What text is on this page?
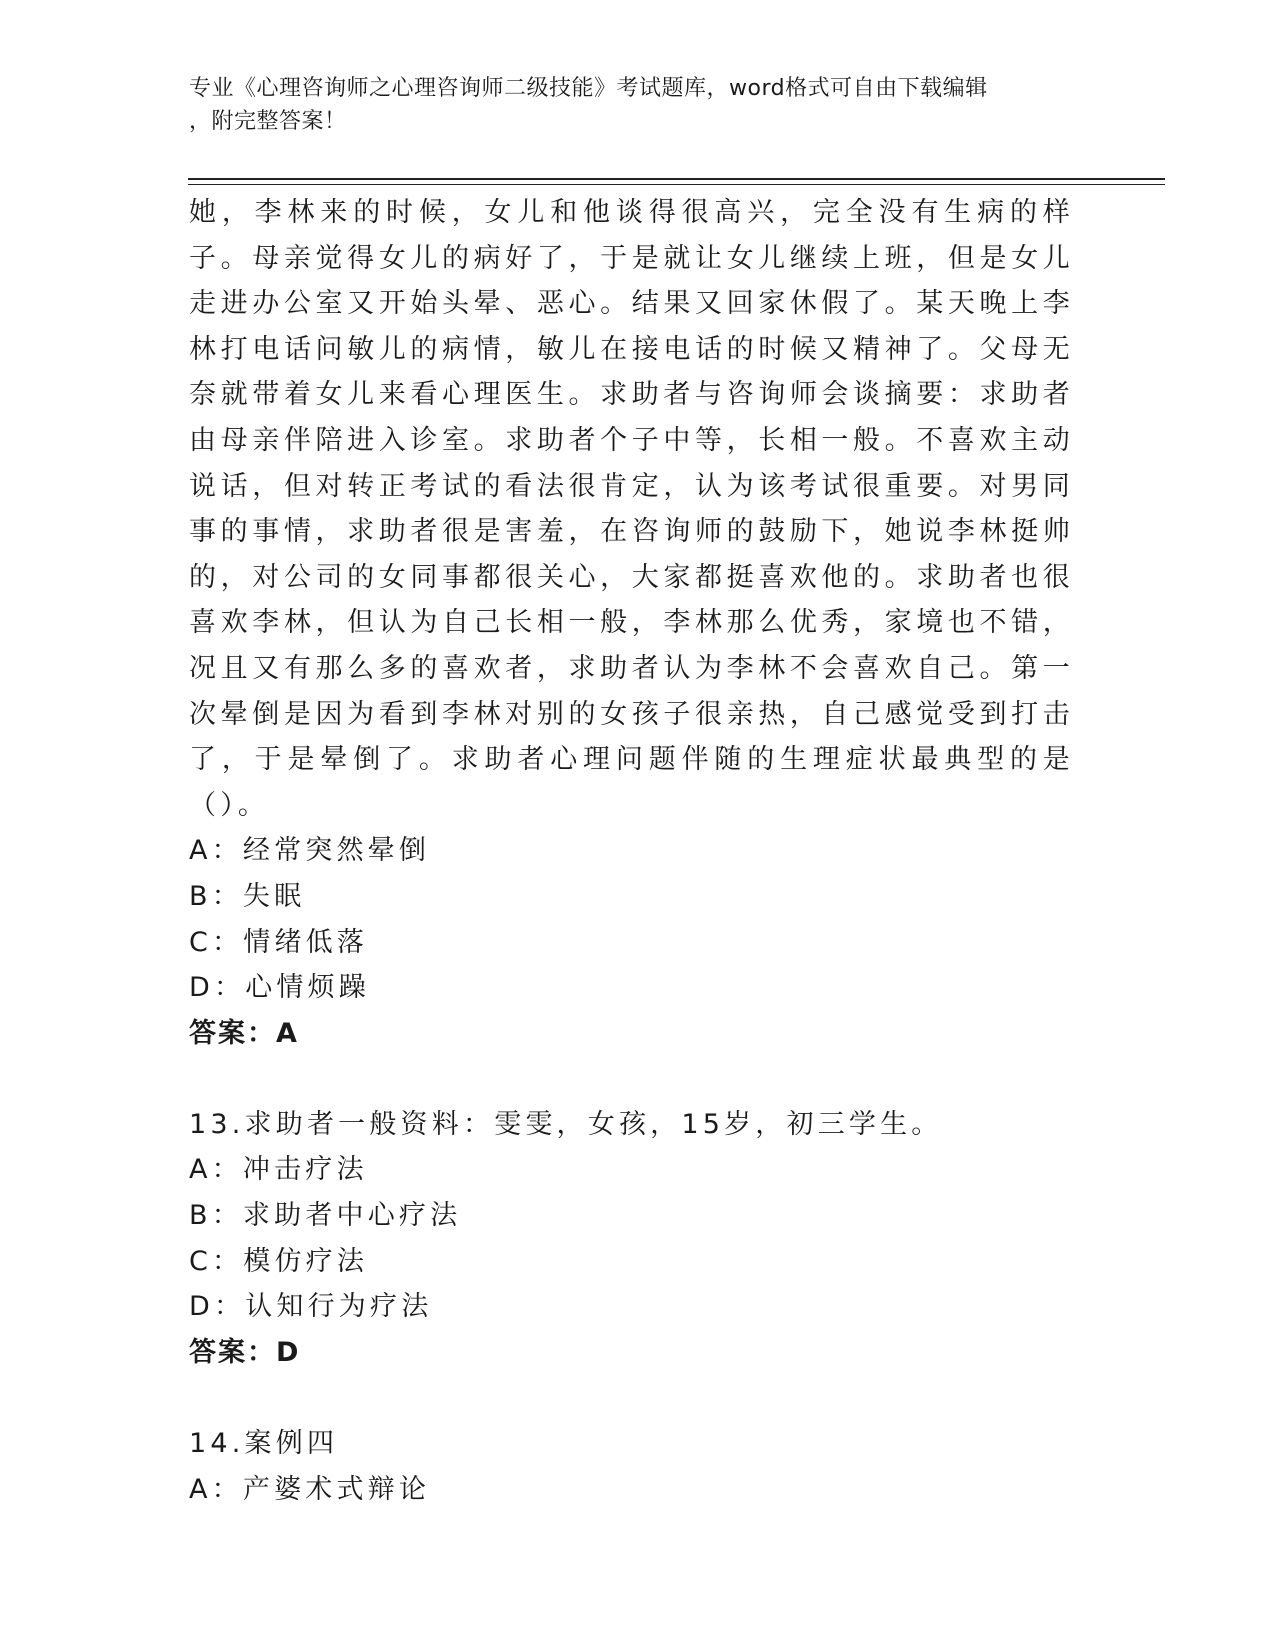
专业《心理咨询师之心理咨询师二级技能》考试题库，word格式可自由下载编辑
，附完整答案！

她，李林来的时候，女儿和他谈得很高兴，完全没有生病的样子。母亲觉得女儿的病好了，于是就让女儿继续上班，但是女儿走进办公室又开始头晕、恶心。结果又回家休假了。某天晚上李林打电话问敏儿的病情，敏儿在接电话的时候又精神了。父母无奈就带着女儿来看心理医生。求助者与咨询师会谈摘要：求助者由母亲伴陪进入诊室。求助者个子中等，长相一般。不喜欢主动说话，但对转正考试的看法很肯定，认为该考试很重要。对男同事的事情，求助者很是害羞，在咨询师的鼓励下，她说李林挺帅的，对公司的女同事都很关心，大家都挺喜欢他的。求助者也很喜欢李林，但认为自己长相一般，李林那么优秀，家境也不错，况且又有那么多的喜欢者，求助者认为李林不会喜欢自己。第一次晕倒是因为看到李林对别的女孩子很亲热，自己感觉受到打击了，于是晕倒了。求助者心理问题伴随的生理症状最典型的是（）。

A：经常突然晕倒
B：失眠
C：情绪低落
D：心情烦躁
答案：A
13.求助者一般资料：雯雯，女孩，15岁，初三学生。
A：冲击疗法
B：求助者中心疗法
C：模仿疗法
D：认知行为疗法
答案：D
14.案例四
A：产婆术式辩论
